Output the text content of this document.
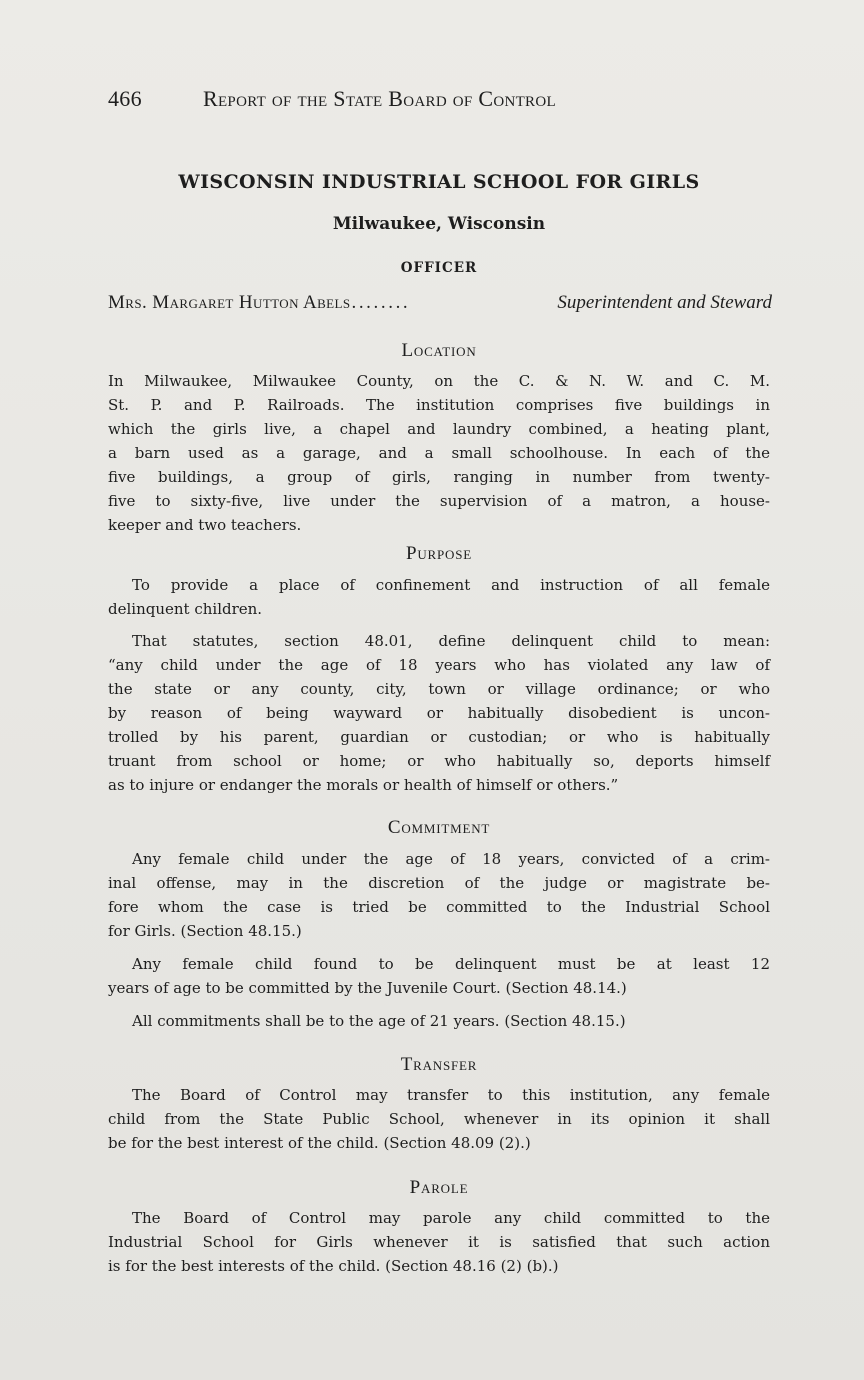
466	Report of the State Board of Control
WISCONSIN INDUSTRIAL SCHOOL FOR GIRLS
Milwaukee, Wisconsin
OFFICER
Mrs. Margaret Hutton Abels ........	Superintendent and Steward
Location
In Milwaukee, Milwaukee County, on the C. & N. W. and C. M.
St. P. and P. Railroads. The institution comprises five buildings in
which the girls live, a chapel and laundry combined, a heating plant,
a barn used as a garage, and a small schoolhouse. In each of the
five buildings, a group of girls, ranging in number from twenty-
five to sixty-five, live under the supervision of a matron, a house-
keeper and two teachers.
Purpose
To provide a place of confinement and instruction of all female
delinquent children.
That statutes, section 48.01, define delinquent child to mean:
“any child under the age of 18 years who has violated any law of
the state or any county, city, town or village ordinance; or who
by reason of being wayward or habitually disobedient is uncon-
trolled by his parent, guardian or custodian; or who is habitually
truant from school or home; or who habitually so, deports himself
as to injure or endanger the morals or health of himself or others.”
Commitment
Any female child under the age of 18 years, convicted of a crim-
inal offense, may in the discretion of the judge or magistrate be-
fore whom the case is tried be committed to the Industrial School
for Girls. (Section 48.15.)
Any female child found to be delinquent must be at least 12
years of age to be committed by the Juvenile Court. (Section 48.14.)
All commitments shall be to the age of 21 years. (Section 48.15.)
Transfer
The Board of Control may transfer to this institution, any female
child from the State Public School, whenever in its opinion it shall
be for the best interest of the child. (Section 48.09 (2).)
Parole
The Board of Control may parole any child committed to the
Industrial School for Girls whenever it is satisfied that such action
is for the best interests of the child. (Section 48.16 (2) (b).)
